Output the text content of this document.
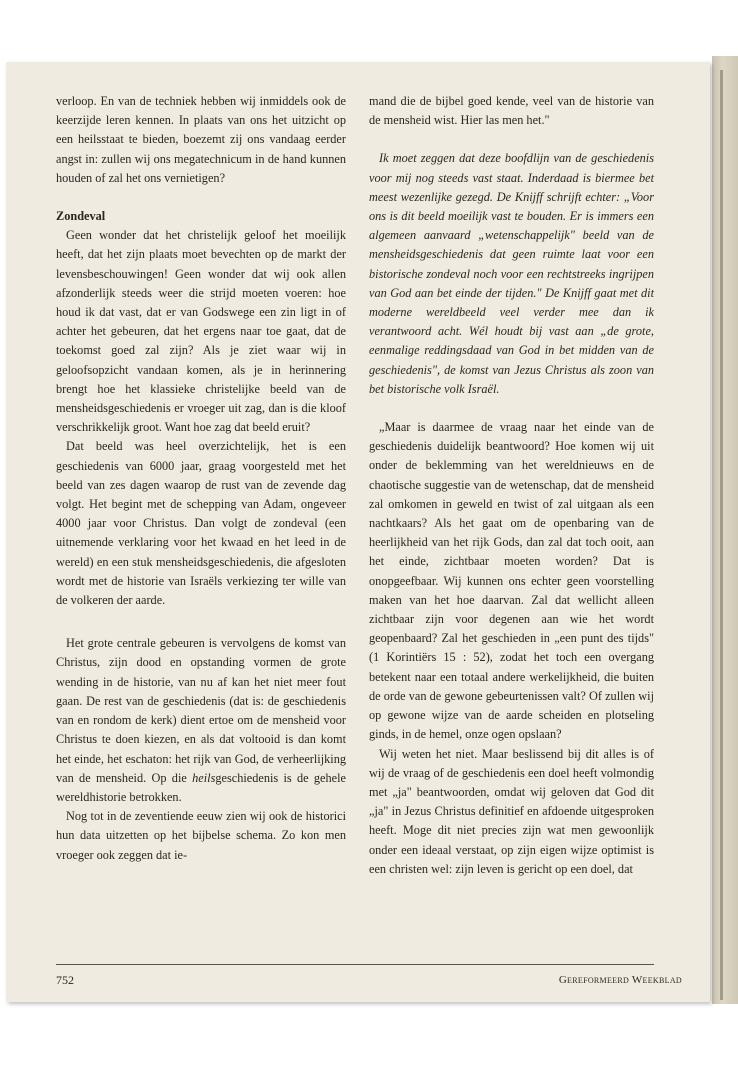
verloop. En van de techniek hebben wij inmiddels ook de keerzijde leren kennen. In plaats van ons het uitzicht op een heilsstaat te bieden, boezemt zij ons vandaag eerder angst in: zullen wij ons megatechnicum in de hand kunnen houden of zal het ons vernietigen?

Zondeval

Geen wonder dat het christelijk geloof het moeilijk heeft, dat het zijn plaats moet bevechten op de markt der levensbeschouwingen! Geen wonder dat wij ook allen afzonderlijk steeds weer die strijd moeten voeren: hoe houd ik dat vast, dat er van Godswege een zin ligt in of achter het gebeuren, dat het ergens naar toe gaat, dat de toekomst goed zal zijn? Als je ziet waar wij in geloofsopzicht vandaan komen, als je in herinnering brengt hoe het klassieke christelijke beeld van de mensheidsgeschiedenis er vroeger uit zag, dan is die kloof verschrikkelijk groot. Want hoe zag dat beeld eruit?

Dat beeld was heel overzichtelijk, het is een geschiedenis van 6000 jaar, graag voorgesteld met het beeld van zes dagen waarop de rust van de zevende dag volgt. Het begint met de schepping van Adam, ongeveer 4000 jaar voor Christus. Dan volgt de zondeval (een uitnemende verklaring voor het kwaad en het leed in de wereld) en een stuk mensheidsgeschiedenis, die afgesloten wordt met de historie van Israëls verkiezing ter wille van de volkeren der aarde.

Het grote centrale gebeuren is vervolgens de komst van Christus, zijn dood en opstanding vormen de grote wending in de historie, van nu af kan het niet meer fout gaan. De rest van de geschiedenis (dat is: de geschiedenis van en rondom de kerk) dient ertoe om de mensheid voor Christus te doen kiezen, en als dat voltooid is dan komt het einde, het eschaton: het rijk van God, de verheerlijking van de mensheid. Op die heilsgeschiedenis is de gehele wereldhistorie betrokken.

Nog tot in de zeventiende eeuw zien wij ook de historici hun data uitzetten op het bijbelse schema. Zo kon men vroeger ook zeggen dat ie-

mand die de bijbel goed kende, veel van de historie van de mensheid wist. Hier las men het."

Ik moet zeggen dat deze boofdlijn van de geschiedenis voor mij nog steeds vast staat. Inderdaad is biermee bet meest wezenlijke gezegd. De Knijff schrijft echter: „Voor ons is dit beeld moeilijk vast te bouden. Er is immers een algemeen aanvaard „wetenschappelijk" beeld van de mensheidsgeschiedenis dat geen ruimte laat voor een bistorische zondeval noch voor een rechtstreeks ingrijpen van God aan bet einde der tijden." De Knijff gaat met dit moderne wereldbeeld veel verder mee dan ik verantwoord acht. Wél houdt bij vast aan „de grote, eenmalige reddingsdaad van God in bet midden van de geschiedenis", de komst van Jezus Christus als zoon van bet bistorische volk Israël.

„Maar is daarmee de vraag naar het einde van de geschiedenis duidelijk beantwoord? Hoe komen wij uit onder de beklemming van het wereldnieuws en de chaotische suggestie van de wetenschap, dat de mensheid zal omkomen in geweld en twist of zal uitgaan als een nachtkaars? Als het gaat om de openbaring van de heerlijkheid van het rijk Gods, dan zal dat toch ooit, aan het einde, zichtbaar moeten worden? Dat is onopgeefbaar. Wij kunnen ons echter geen voorstelling maken van het hoe daarvan. Zal dat wellicht alleen zichtbaar zijn voor degenen aan wie het wordt geopenbaard? Zal het geschieden in „een punt des tijds" (1 Korintiërs 15 : 52), zodat het toch een overgang betekent naar een totaal andere werkelijkheid, die buiten de orde van de gewone gebeurtenissen valt? Of zullen wij op gewone wijze van de aarde scheiden en plotseling ginds, in de hemel, onze ogen opslaan?

Wij weten het niet. Maar beslissend bij dit alles is of wij de vraag of de geschiedenis een doel heeft volmondig met „ja" beantwoorden, omdat wij geloven dat God dit „ja" in Jezus Christus definitief en afdoende uitgesproken heeft. Moge dit niet precies zijn wat men gewoonlijk onder een ideaal verstaat, op zijn eigen wijze optimist is een christen wel: zijn leven is gericht op een doel, dat

752	Gereformeerd Weekblad
